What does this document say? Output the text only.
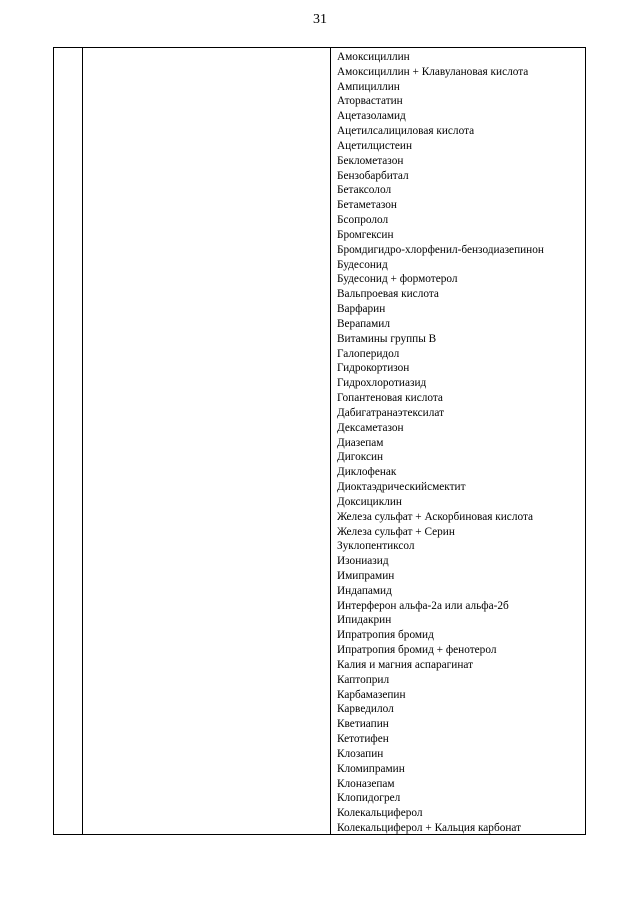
31
Амоксициллин
Амоксициллин + Клавулановая кислота
Ампициллин
Аторвастатин
Ацетазоламид
Ацетилсалициловая кислота
Ацетилцистеин
Беклометазон
Бензобарбитал
Бетаксолол
Бетаметазон
Бсопролол
Бромгексин
Бромдигидро-хлорфенил-бензодиазепинон
Будесонид
Будесонид + формотерол
Вальпроевая кислота
Варфарин
Верапамил
Витамины группы В
Галоперидол
Гидрокортизон
Гидрохлоротиазид
Гопантеновая кислота
Дабигатранаэтексилат
Дексаметазон
Диазепам
Дигоксин
Диклофенак
Диоктаэдрическийсмектит
Доксициклин
Железа сульфат + Аскорбиновая кислота
Железа сульфат + Серин
Зуклопентиксол
Изониазид
Имипрамин
Индапамид
Интерферон альфа-2а или альфа-2б
Ипидакрин
Ипратропия бромид
Ипратропия бромид + фенотерол
Калия и магния аспарагинат
Каптоприл
Карбамазепин
Карведилол
Кветиапин
Кетотифен
Клозапин
Кломипрамин
Клоназепам
Клопидогрел
Колекальциферол
Колекальциферол + Кальция карбонат
